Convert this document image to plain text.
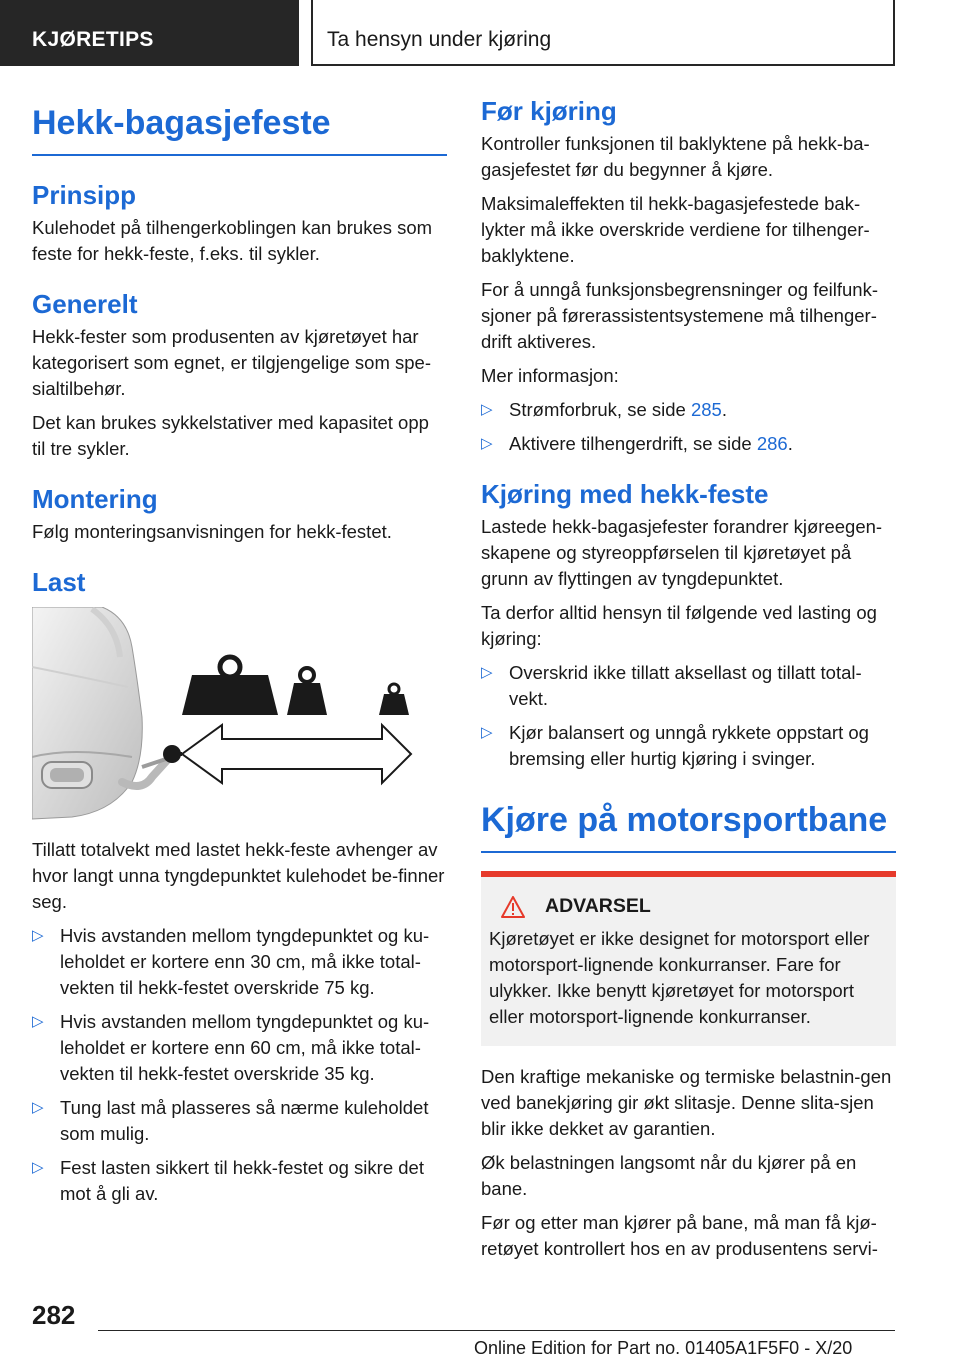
KJØRETIPS	Ta hensyn under kjøring
Hekk-bagasjefeste
Prinsipp

Kulehodet på tilhengerkoblingen kan brukes som feste for hekk-feste, f.eks. til sykler.

Generelt

Hekk-fester som produsenten av kjøretøyet har kategorisert som egnet, er tilgjengelige som spe-sialtilbehør.

Det kan brukes sykkelstativer med kapasitet opp til tre sykler.

Montering

Følg monteringsanvisningen for hekk-festet.

Last

Tillatt totalvekt med lastet hekk-feste avhenger av hvor langt unna tyngdepunktet kulehodet be-finner seg.

▷ Hvis avstanden mellom tyngdepunktet og ku-leholdet er kortere enn 30 cm, må ikke total-vekten til hekk-festet overskride 75 kg.
▷ Hvis avstanden mellom tyngdepunktet og ku-leholdet er kortere enn 60 cm, må ikke total-vekten til hekk-festet overskride 35 kg.
▷ Tung last må plasseres så nærme kuleholdet som mulig.
▷ Fest lasten sikkert til hekk-festet og sikre det mot å gli av.
Før kjøring

Kontroller funksjonen til baklyktene på hekk-ba-gasjefestet før du begynner å kjøre.

Maksimaleffekten til hekk-bagasjefestede bak-lykter må ikke overskride verdiene for tilhenger-baklyktene.

For å unngå funksjonsbegrensninger og feilfunk-sjoner på førerassistentsystemene må tilhenger-drift aktiveres.

Mer informasjon:

▷ Strømforbruk, se side 285.
▷ Aktivere tilhengerdrift, se side 286.
Kjøring med hekk-feste

Lastede hekk-bagasjefester forandrer kjøreegen-skapene og styreoppførselen til kjøretøyet på grunn av flyttingen av tyngdepunktet.

Ta derfor alltid hensyn til følgende ved lasting og kjøring:

▷ Overskrid ikke tillatt aksellast og tillatt total-vekt.
▷ Kjør balansert og unngå rykkete oppstart og bremsing eller hurtig kjøring i svinger.
Kjøre på motorsportbane
ADVARSEL

Kjøretøyet er ikke designet for motorsport eller motorsport-lignende konkurranser. Fare for ulykker. Ikke benytt kjøretøyet for motorsport eller motorsport-lignende konkurranser.

Den kraftige mekaniske og termiske belastnin-gen ved banekjøring gir økt slitasje. Denne slita-sjen blir ikke dekket av garantien.

Øk belastningen langsomt når du kjører på en bane.

Før og etter man kjører på bane, må man få kjø-retøyet kontrollert hos en av produsentens servi-

282
Online Edition for Part no. 01405A1F5F0 - X/20
